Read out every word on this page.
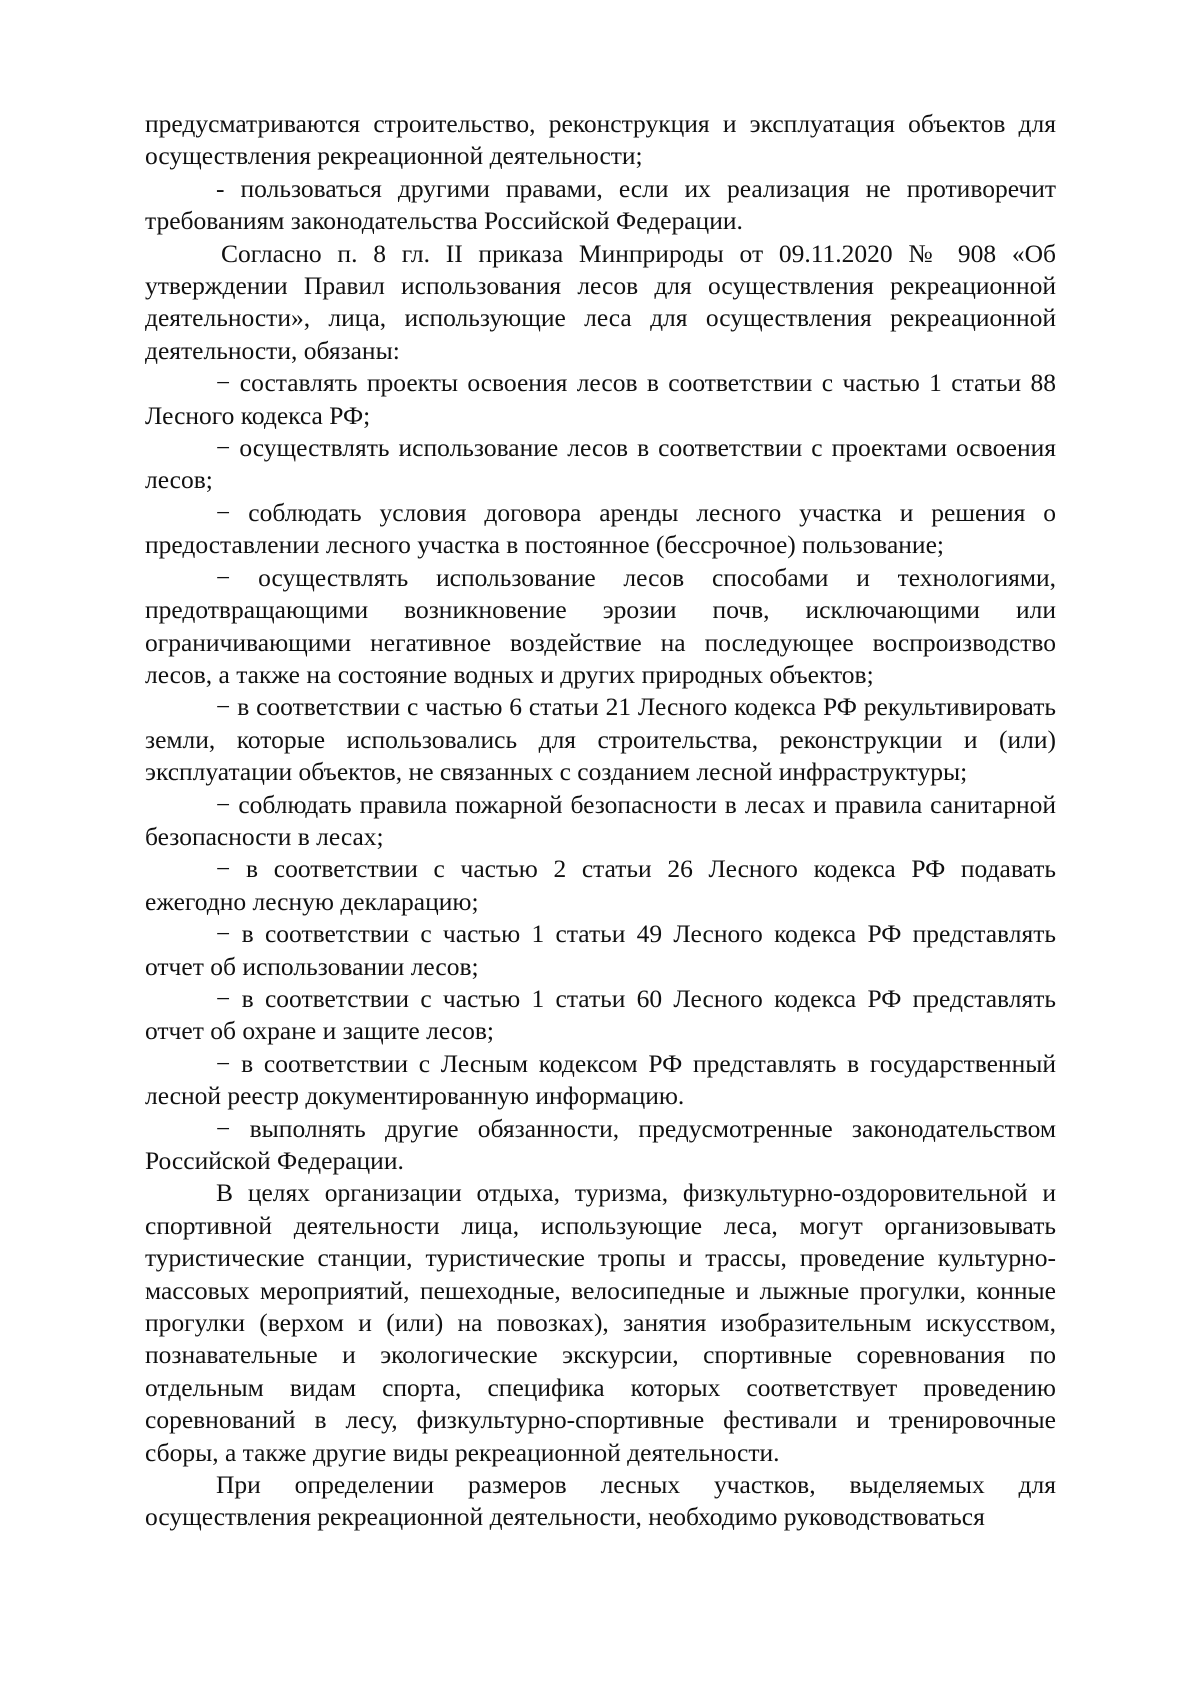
предусматриваются строительство, реконструкция и эксплуатация объектов для осуществления рекреационной деятельности;

- пользоваться другими правами, если их реализация не противоречит требованиям законодательства Российской Федерации.

Согласно п. 8 гл. II приказа Минприроды от 09.11.2020 № 908 «Об утверждении Правил использования лесов для осуществления рекреационной деятельности», лица, использующие леса для осуществления рекреационной деятельности, обязаны:

− составлять проекты освоения лесов в соответствии с частью 1 статьи 88 Лесного кодекса РФ;

− осуществлять использование лесов в соответствии с проектами освоения лесов;

− соблюдать условия договора аренды лесного участка и решения о предоставлении лесного участка в постоянное (бессрочное) пользование;

− осуществлять использование лесов способами и технологиями, предотвращающими возникновение эрозии почв, исключающими или ограничивающими негативное воздействие на последующее воспроизводство лесов, а также на состояние водных и других природных объектов;

− в соответствии с частью 6 статьи 21 Лесного кодекса РФ рекультивировать земли, которые использовались для строительства, реконструкции и (или) эксплуатации объектов, не связанных с созданием лесной инфраструктуры;

− соблюдать правила пожарной безопасности в лесах и правила санитарной безопасности в лесах;

− в соответствии с частью 2 статьи 26 Лесного кодекса РФ подавать ежегодно лесную декларацию;

− в соответствии с частью 1 статьи 49 Лесного кодекса РФ представлять отчет об использовании лесов;

− в соответствии с частью 1 статьи 60 Лесного кодекса РФ представлять отчет об охране и защите лесов;

− в соответствии с Лесным кодексом РФ представлять в государственный лесной реестр документированную информацию.

− выполнять другие обязанности, предусмотренные законодательством Российской Федерации.

В целях организации отдыха, туризма, физкультурно-оздоровительной и спортивной деятельности лица, использующие леса, могут организовывать туристические станции, туристические тропы и трассы, проведение культурно-массовых мероприятий, пешеходные, велосипедные и лыжные прогулки, конные прогулки (верхом и (или) на повозках), занятия изобразительным искусством, познавательные и экологические экскурсии, спортивные соревнования по отдельным видам спорта, специфика которых соответствует проведению соревнований в лесу, физкультурно-спортивные фестивали и тренировочные сборы, а также другие виды рекреационной деятельности.

При определении размеров лесных участков, выделяемых для осуществления рекреационной деятельности, необходимо руководствоваться
